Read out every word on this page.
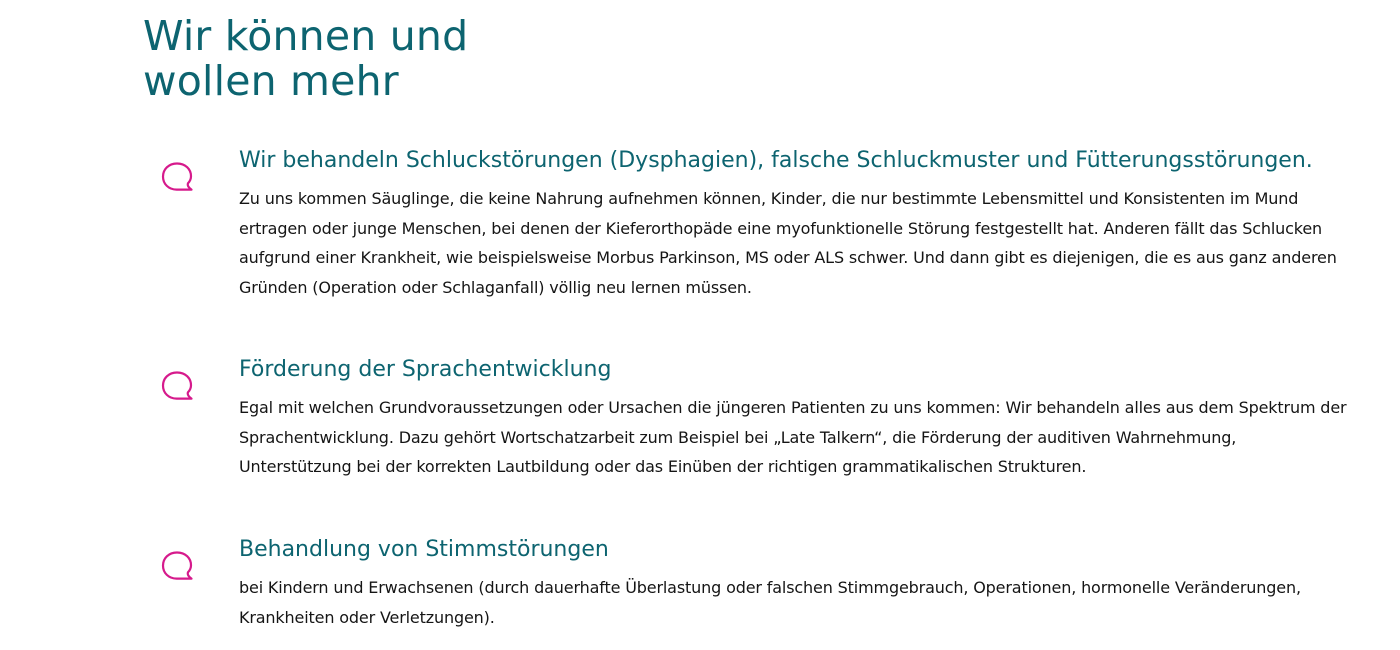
Wir können und
wollen mehr
Wir behandeln Schluckstörungen (Dysphagien), falsche Schluckmuster und Fütterungsstörungen.

Zu uns kommen Säuglinge, die keine Nahrung aufnehmen können, Kinder, die nur bestimmte Lebensmittel und Konsistenten im Mund ertragen oder junge Menschen, bei denen der Kieferorthopäde eine myofunktionelle Störung festgestellt hat. Anderen fällt das Schlucken aufgrund einer Krankheit, wie beispielsweise Morbus Parkinson, MS oder ALS schwer. Und dann gibt es diejenigen, die es aus ganz anderen Gründen (Operation oder Schlaganfall) völlig neu lernen müssen.

Förderung der Sprachentwicklung

Egal mit welchen Grundvoraussetzungen oder Ursachen die jüngeren Patienten zu uns kommen: Wir behandeln alles aus dem Spektrum der Sprachentwicklung. Dazu gehört Wortschatzarbeit zum Beispiel bei „Late Talkern“, die Förderung der auditiven Wahrnehmung, Unterstützung bei der korrekten Lautbildung oder das Einüben der richtigen grammatikalischen Strukturen.

Behandlung von Stimmstörungen

bei Kindern und Erwachsenen (durch dauerhafte Überlastung oder falschen Stimmgebrauch, Operationen, hormonelle Veränderungen, Krankheiten oder Verletzungen).
